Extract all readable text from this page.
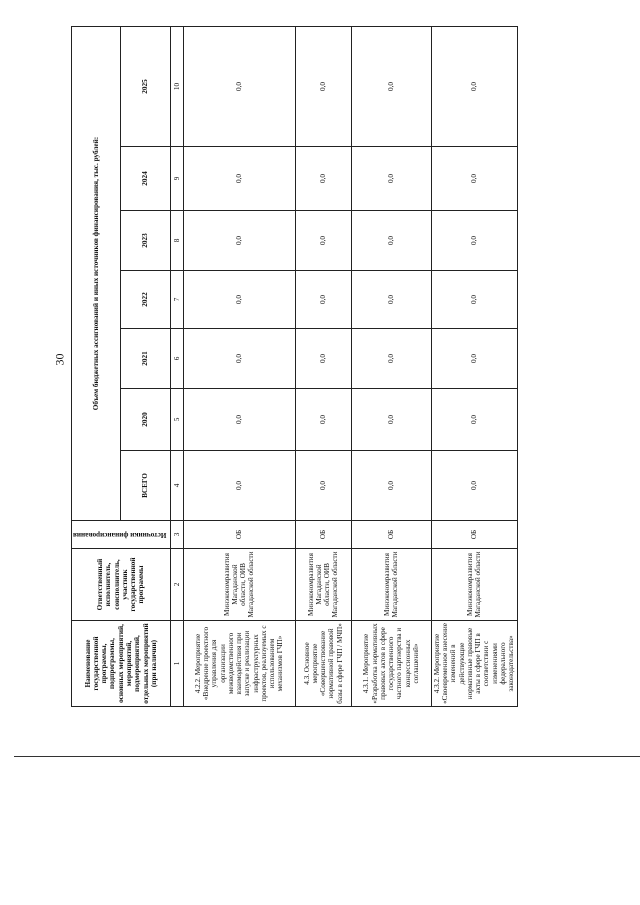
30
Наименование государственной программы, подпрограммы, основных мероприятий, мероприятий, подмероприятий, отдельных мероприятий (при наличии)	Ответственный исполнитель, соисполнитель, участник государственной программы	Источники финансирования	Объем бюджетных ассигнований и иных источников финансирования, тыс. рублей:						
			ВСЕГО	2020	2021	2022	2023	2024	2025
1	2	3	4	5	6	7	8	9	10
4.2.2. Мероприятие «Внедрение проектного управления для организации межведомственного взаимодействия при запуске и реализации инфраструктурных проектов, реализуемых с использованием механизмов ГЧП»	Минэкономразвития Магаданской области, ОИВ Магаданской области	ОБ	0,0	0,0	0,0	0,0	0,0	0,0	0,0
4.3. Основное мероприятие «Совершенствование нормативной правовой базы в сфере ГЧП / МЧП»	Минэкономразвития Магаданской области, ОИВ Магаданской области	ОБ	0,0	0,0	0,0	0,0	0,0	0,0	0,0
4.3.1. Мероприятие «Разработка нормативных правовых актов в сфере государственного частного партнерства и концессионных соглашений»	Минэкономразвития Магаданской области	ОБ	0,0	0,0	0,0	0,0	0,0	0,0	0,0
4.3.2. Мероприятие «Своевременное внесение изменений в действующие нормативные правовые акты в сфере ГЧП в соответствии с изменениями федерального законодательства»	Минэкономразвития Магаданской области	ОБ	0,0	0,0	0,0	0,0	0,0	0,0	0,0
